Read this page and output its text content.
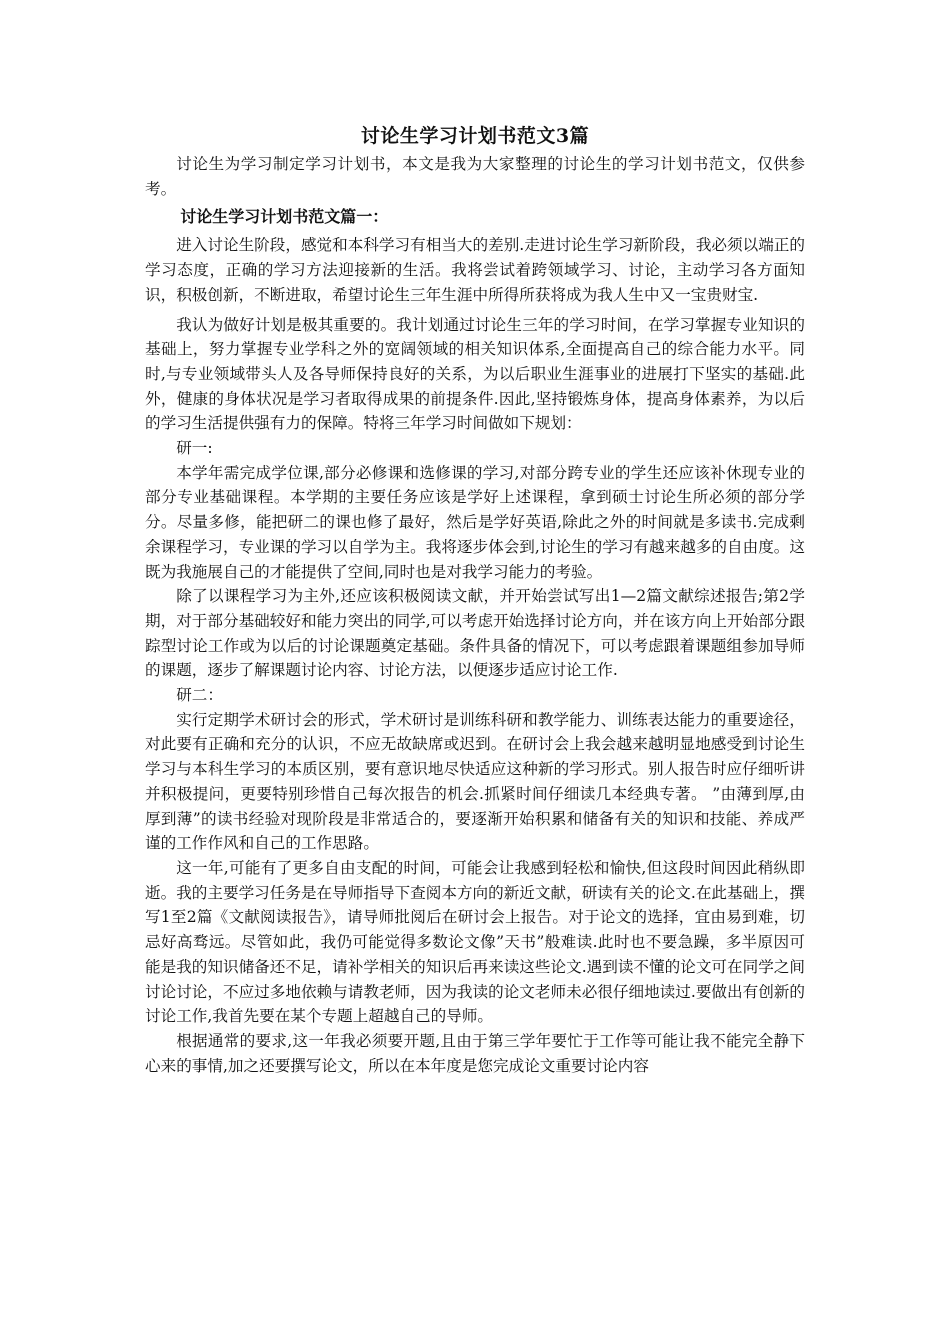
讨论生学习计划书范文3篇

讨论生为学习制定学习计划书，本文是我为大家整理的讨论生的学习计划书范文，仅供参考。

讨论生学习计划书范文篇一：

进入讨论生阶段，感觉和本科学习有相当大的差别.走进讨论生学习新阶段，我必须以端正的学习态度，正确的学习方法迎接新的生活。我将尝试着跨领域学习、讨论，主动学习各方面知识，积极创新，不断进取，希望讨论生三年生涯中所得所获将成为我人生中又一宝贵财宝.

我认为做好计划是极其重要的。我计划通过讨论生三年的学习时间，在学习掌握专业知识的基础上，努力掌握专业学科之外的宽阔领域的相关知识体系,全面提高自己的综合能力水平。同时,与专业领域带头人及各导师保持良好的关系，为以后职业生涯事业的进展打下坚实的基础.此外，健康的身体状况是学习者取得成果的前提条件.因此,坚持锻炼身体，提高身体素养，为以后的学习生活提供强有力的保障。特将三年学习时间做如下规划：

研一:

本学年需完成学位课,部分必修课和选修课的学习,对部分跨专业的学生还应该补休现专业的部分专业基础课程。本学期的主要任务应该是学好上述课程，拿到硕士讨论生所必须的部分学分。尽量多修，能把研二的课也修了最好，然后是学好英语,除此之外的时间就是多读书.完成剩余课程学习，专业课的学习以自学为主。我将逐步体会到,讨论生的学习有越来越多的自由度。这既为我施展自己的才能提供了空间,同时也是对我学习能力的考验。

除了以课程学习为主外,还应该积极阅读文献，并开始尝试写出1—2篇文献综述报告;第2学期，对于部分基础较好和能力突出的同学,可以考虑开始选择讨论方向，并在该方向上开始部分跟踪型讨论工作或为以后的讨论课题奠定基础。条件具备的情况下，可以考虑跟着课题组参加导师的课题，逐步了解课题讨论内容、讨论方法，以便逐步适应讨论工作.

研二：

实行定期学术研讨会的形式，学术研讨是训练科研和教学能力、训练表达能力的重要途径，对此要有正确和充分的认识，不应无故缺席或迟到。在研讨会上我会越来越明显地感受到讨论生学习与本科生学习的本质区别，要有意识地尽快适应这种新的学习形式。别人报告时应仔细听讲并积极提问，更要特别珍惜自己每次报告的机会.抓紧时间仔细读几本经典专著。 ”由薄到厚,由厚到薄”的读书经验对现阶段是非常适合的，要逐渐开始积累和储备有关的知识和技能、养成严谨的工作作风和自己的工作思路。

这一年,可能有了更多自由支配的时间，可能会让我感到轻松和愉快,但这段时间因此稍纵即逝。我的主要学习任务是在导师指导下查阅本方向的新近文献，研读有关的论文.在此基础上，撰写1至2篇《文献阅读报告》，请导师批阅后在研讨会上报告。对于论文的选择，宜由易到难，切忌好高骛远。尽管如此，我仍可能觉得多数论文像”天书”般难读.此时也不要急躁，多半原因可能是我的知识储备还不足，请补学相关的知识后再来读这些论文.遇到读不懂的论文可在同学之间讨论讨论，不应过多地依赖与请教老师，因为我读的论文老师未必很仔细地读过.要做出有创新的讨论工作,我首先要在某个专题上超越自己的导师。

根据通常的要求,这一年我必须要开题,且由于第三学年要忙于工作等可能让我不能完全静下心来的事情,加之还要撰写论文，所以在本年度是您完成论文重要讨论内容
